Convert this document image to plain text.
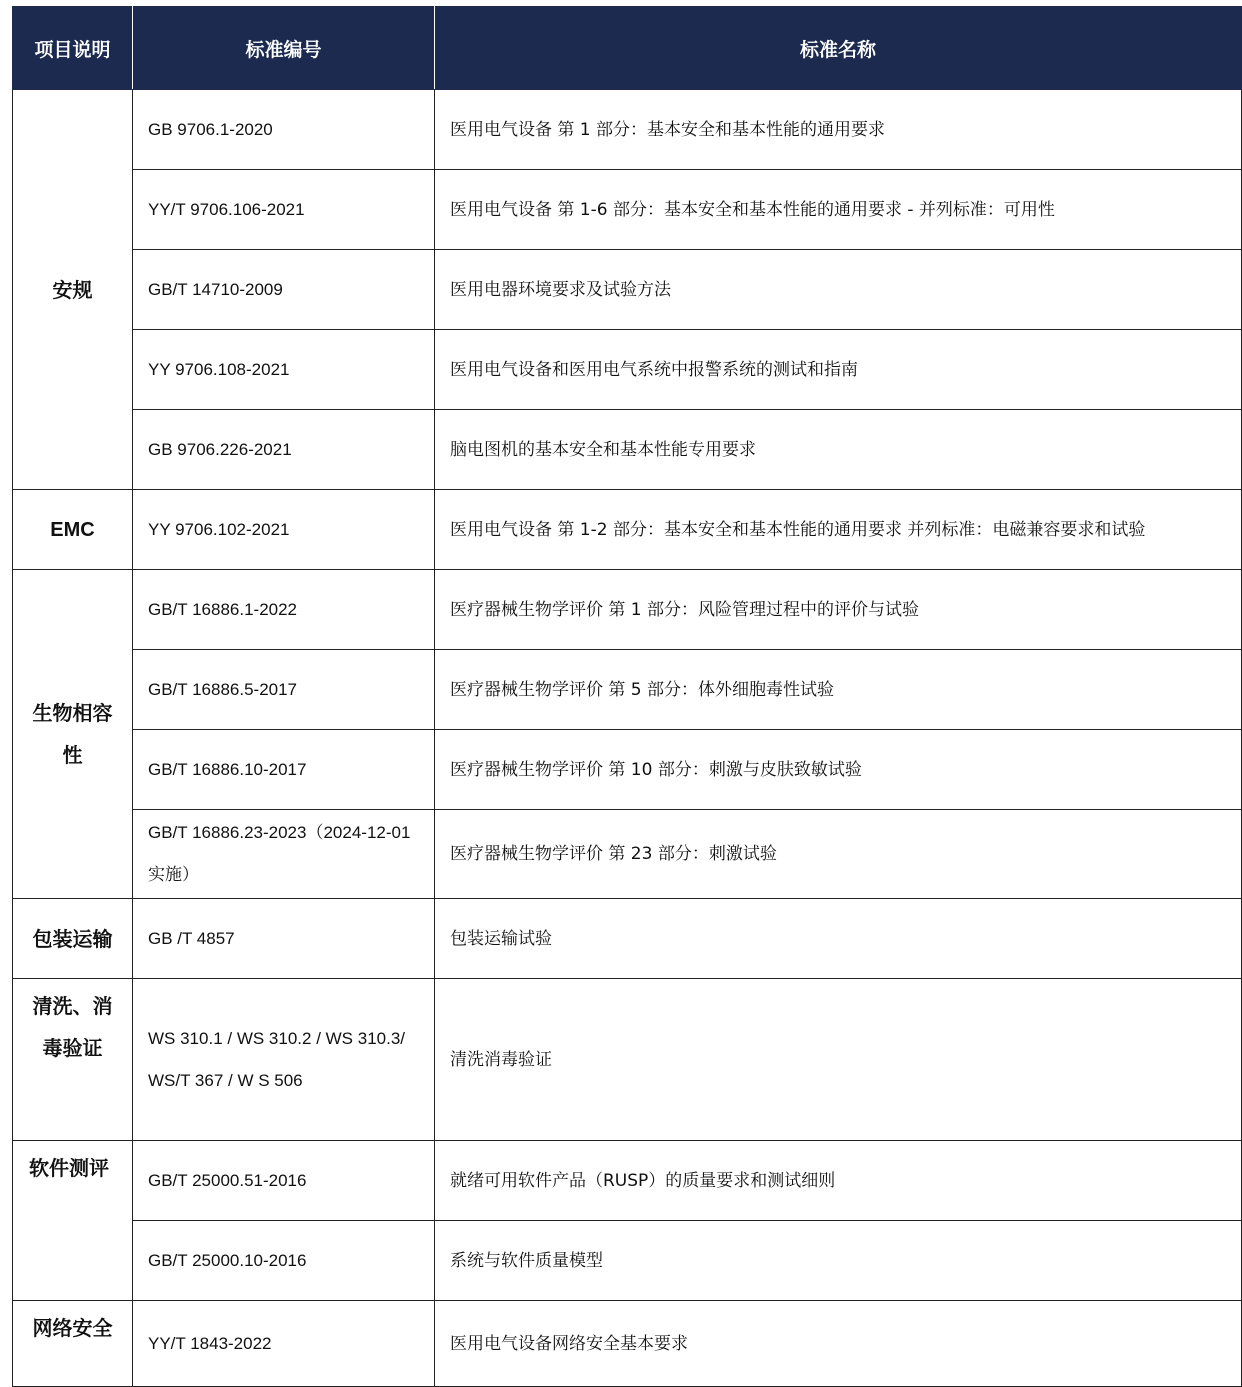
项目说明	标准编号	标准名称
安规	GB 9706.1-2020	医用电气设备 第 1 部分：基本安全和基本性能的通用要求
	YY/T 9706.106-2021	医用电气设备 第 1-6 部分：基本安全和基本性能的通用要求 - 并列标准：可用性
	GB/T 14710-2009	医用电器环境要求及试验方法
	YY 9706.108-2021	医用电气设备和医用电气系统中报警系统的测试和指南
	GB 9706.226-2021	脑电图机的基本安全和基本性能专用要求
EMC	YY 9706.102-2021	医用电气设备 第 1-2 部分：基本安全和基本性能的通用要求 并列标准：电磁兼容要求和试验
生物相容性	GB/T 16886.1-2022	医疗器械生物学评价 第 1 部分：风险管理过程中的评价与试验
	GB/T 16886.5-2017	医疗器械生物学评价 第 5 部分：体外细胞毒性试验
	GB/T 16886.10-2017	医疗器械生物学评价 第 10 部分：刺激与皮肤致敏试验
	GB/T 16886.23-2023（2024-12-01 实施）	医疗器械生物学评价 第 23 部分：刺激试验
包装运输	GB /T 4857	包装运输试验
清洗、消毒验证	WS 310.1 / WS 310.2 / WS 310.3/ WS/T 367 / W S 506	清洗消毒验证
软件测评	GB/T 25000.51-2016	就绪可用软件产品（RUSP）的质量要求和测试细则
	GB/T 25000.10-2016	系统与软件质量模型
网络安全	YY/T 1843-2022	医用电气设备网络安全基本要求
